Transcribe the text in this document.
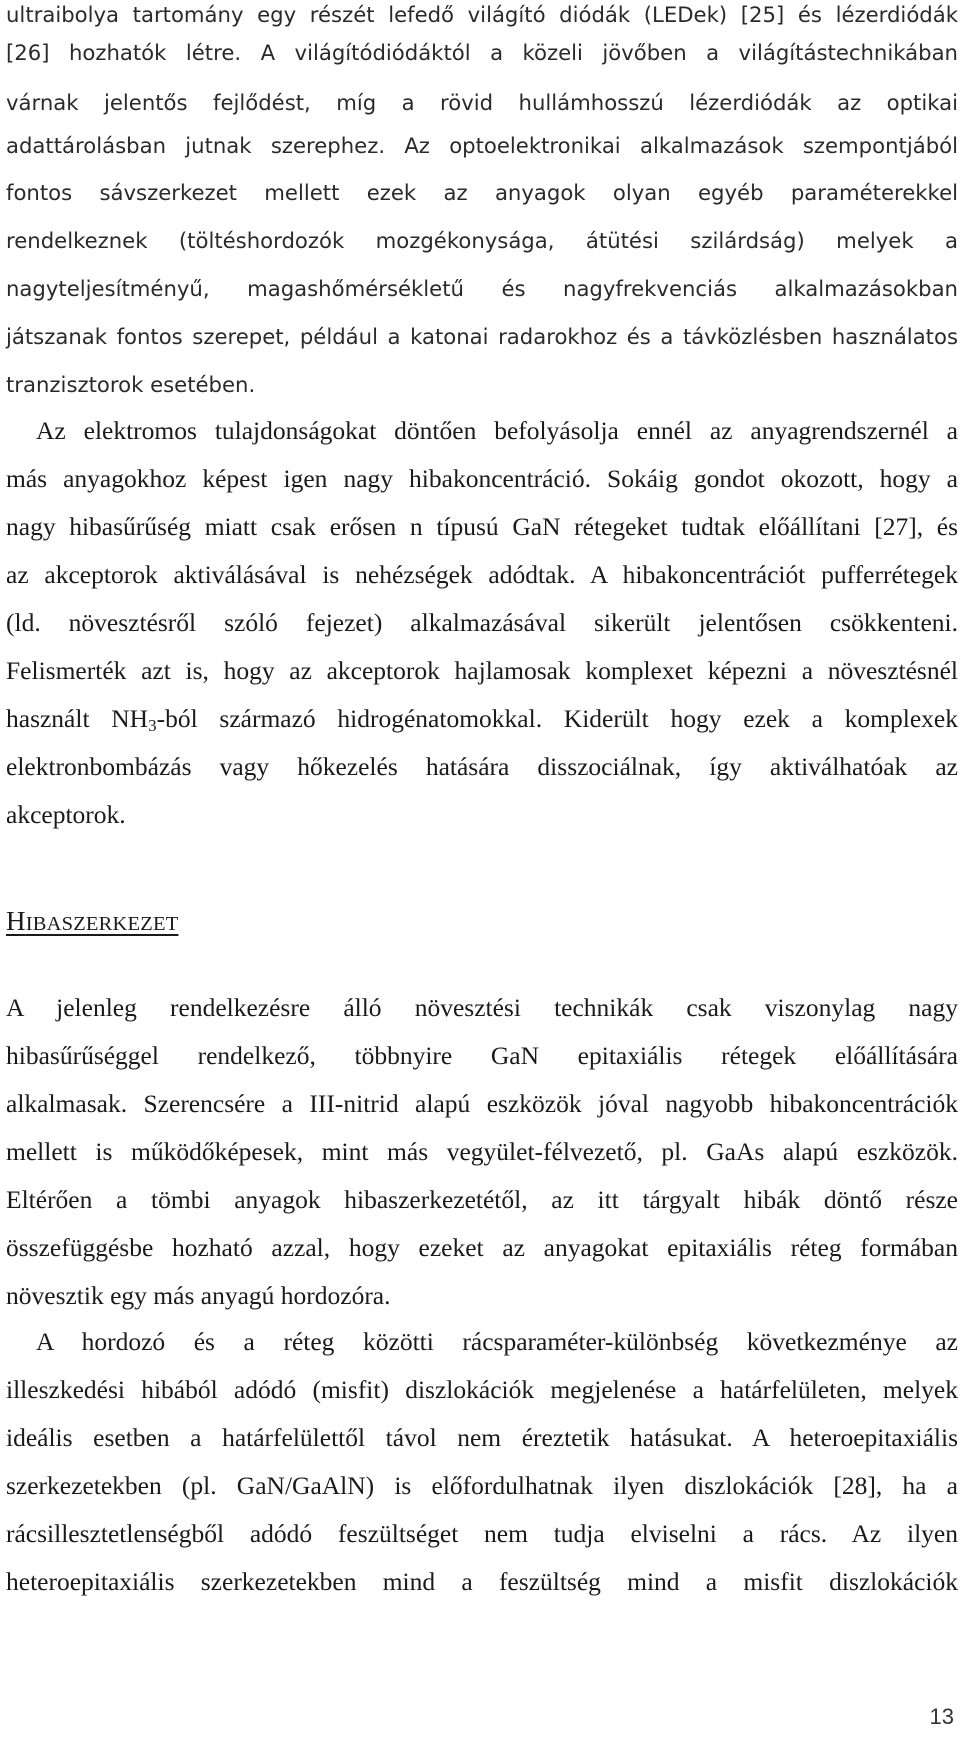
ultraibolya tartomány egy részét lefedő világító diódák (LEDek) [25] és lézerdiódák
[26] hozhatók létre. A világítódiódáktól a közeli jövőben a világítástechnikában
várnak jelentős fejlődést, míg a rövid hullámhosszú lézerdiódák az optikai
adattárolásban jutnak szerephez. Az optoelektronikai alkalmazások szempontjából
fontos sávszerkezet mellett ezek az anyagok olyan egyéb paraméterekkel
rendelkeznek (töltéshordozók mozgékonysága, átütési szilárdság) melyek a
nagyteljesítményű, magashőmérsékletű és nagyfrekvenciás alkalmazásokban
játszanak fontos szerepet, például a katonai radarokhoz és a távközlésben használatos
tranzisztorok esetében.
Az elektromos tulajdonságokat döntően befolyásolja ennél az anyagrendszernél a
más anyagokhoz képest igen nagy hibakoncentráció. Sokáig gondot okozott, hogy a
nagy hibasűrűség miatt csak erősen n típusú GaN rétegeket tudtak előállítani [27], és
az akceptorok aktiválásával is nehézségek adódtak. A hibakoncentrációt pufferrétegek
(ld. növesztésről szóló fejezet) alkalmazásával sikerült jelentősen csökkenteni.
Felismerték azt is, hogy az akceptorok hajlamosak komplexet képezni a növesztésnél
használt $NH_3$-ból származó hidrogénatomokkal. Kiderült hogy ezek a komplexek
elektronbombázás vagy hőkezelés hatására disszociálnak, így aktiválhatóak az
akceptorok.
HIBASZERKEZET
A jelenleg rendelkezésre álló növesztési technikák csak viszonylag nagy
hibasűrűséggel rendelkező, többnyire GaN epitaxiális rétegek előállítására
alkalmasak. Szerencsére a III-nitrid alapú eszközök jóval nagyobb hibakoncentrációk
mellett is működőképesek, mint más vegyület-félvezető, pl. GaAs alapú eszközök.
Eltérően a tömbi anyagok hibaszerkezetétől, az itt tárgyalt hibák döntő része
összefüggésbe hozható azzal, hogy ezeket az anyagokat epitaxiális réteg formában
növesztik egy más anyagú hordozóra.
A hordozó és a réteg közötti rácsparaméter-különbség következménye az
illeszkedési hibából adódó (misfit) diszlokációk megjelenése a határfelületen, melyek
ideális esetben a határfelülettől távol nem éreztetik hatásukat. A heteroepitaxiális
szerkezetekben (pl. GaN/GaAlN) is előfordulhatnak ilyen diszlokációk [28], ha a
rácsillesztetlenségből adódó feszültséget nem tudja elviselni a rács. Az ilyen
heteroepitaxiális szerkezetekben mind a feszültség mind a misfit diszlokációk
13
